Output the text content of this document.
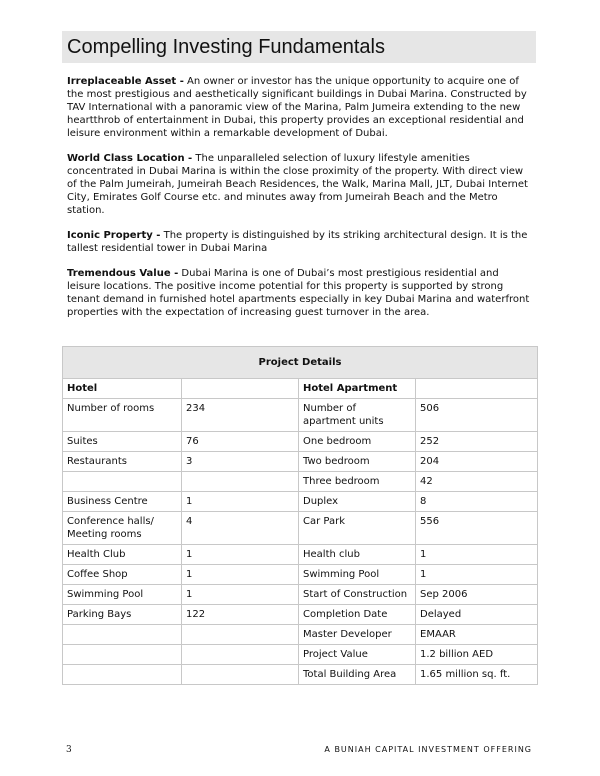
Compelling Investing Fundamentals

Irreplaceable Asset - An owner or investor has the unique opportunity to acquire one of the most prestigious and aesthetically significant buildings in Dubai Marina. Constructed by TAV International with a panoramic view of the Marina, Palm Jumeira extending to the new heartthrob of entertainment in Dubai, this property provides an exceptional residential and leisure environment within a remarkable development of Dubai.

World Class Location - The unparalleled selection of luxury lifestyle amenities concentrated in Dubai Marina is within the close proximity of the property. With direct view of the Palm Jumeirah, Jumeirah Beach Residences, the Walk, Marina Mall, JLT, Dubai Internet City, Emirates Golf Course etc. and minutes away from Jumeirah Beach and the Metro station.

Iconic Property - The property is distinguished by its striking architectural design. It is the tallest residential tower in Dubai Marina

Tremendous Value - Dubai Marina is one of Dubai’s most prestigious residential and leisure locations. The positive income potential for this property is supported by strong tenant demand in furnished hotel apartments especially in key Dubai Marina and waterfront properties with the expectation of increasing guest turnover in the area.

Project Details			
Hotel		Hotel Apartment	
Number of rooms	234	Number of apartment units	506
Suites	76	One bedroom	252
Restaurants	3	Two bedroom	204
		Three bedroom	42
Business Centre	1	Duplex	8
Conference halls/ Meeting rooms	4	Car Park	556
Health Club	1	Health club	1
Coffee Shop	1	Swimming Pool	1
Swimming Pool	1	Start of Construction	Sep 2006
Parking Bays	122	Completion Date	Delayed
		Master Developer	EMAAR
		Project Value	1.2 billion AED
		Total Building Area	1.65 million sq. ft.
3	A BUNIAH CAPITAL INVESTMENT OFFERING
